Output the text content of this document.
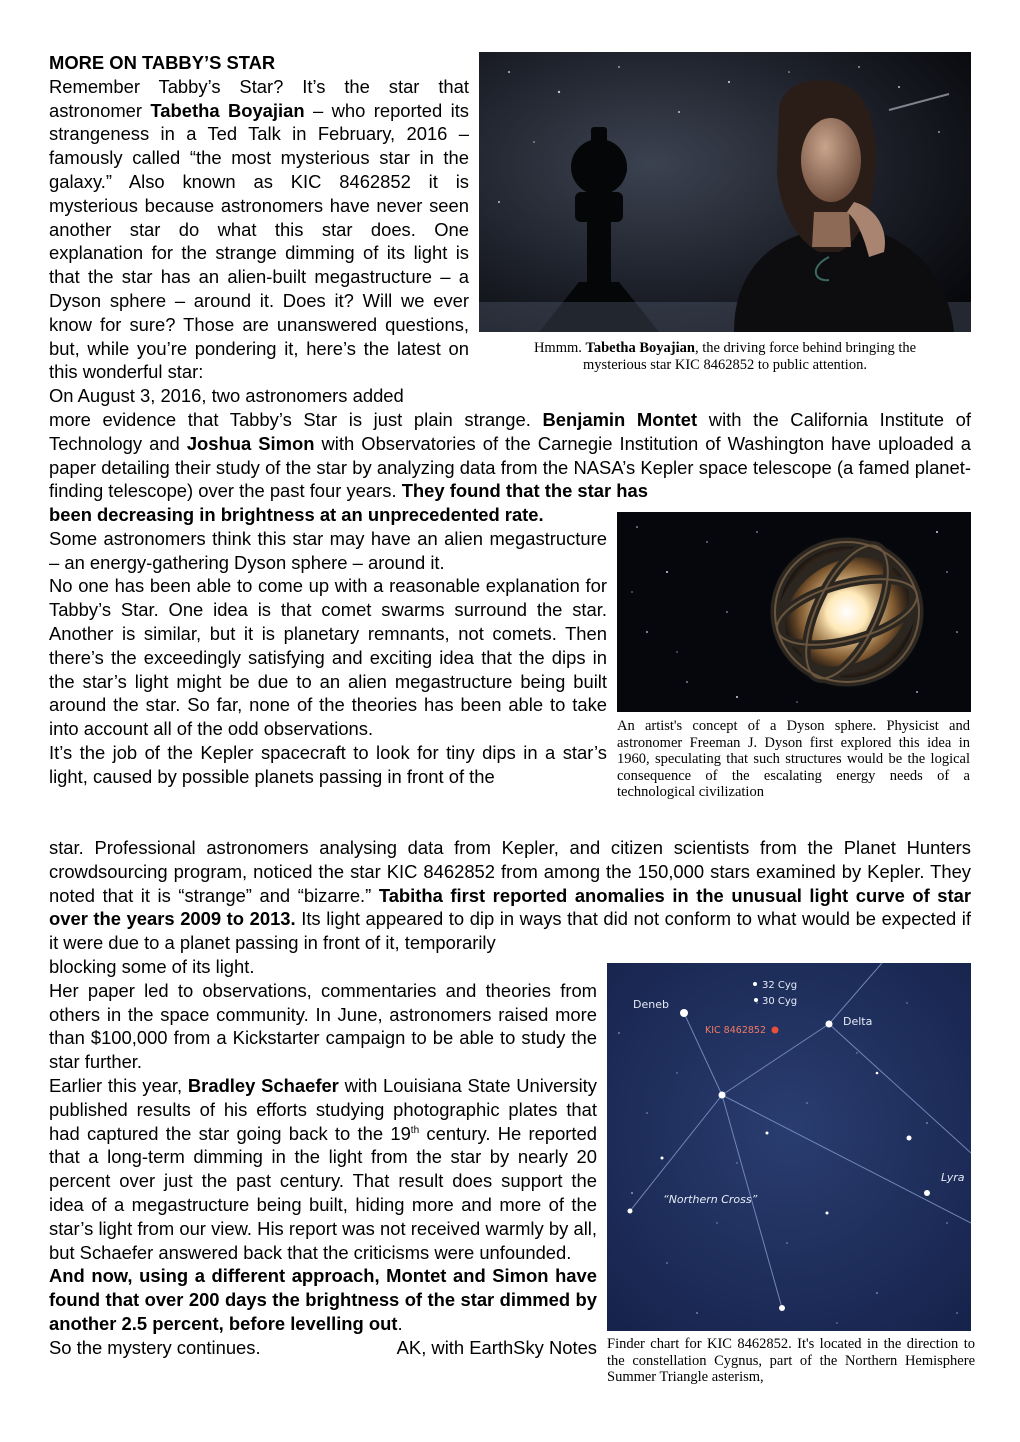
MORE ON TABBY’S STAR

Remember Tabby’s Star? It’s the star that astronomer Tabetha Boyajian – who reported its strangeness in a Ted Talk in February, 2016 – famously called “the most mysterious star in the galaxy.” Also known as KIC 8462852 it is mysterious because astronomers have never seen another star do what this star does. One explanation for the strange dimming of its light is that the star has an alien-built megastructure – a Dyson sphere – around it. Does it? Will we ever know for sure? Those are unanswered questions, but, while you’re pondering it, here’s the latest on this wonderful star:

On August 3, 2016, two astronomers added

more evidence that Tabby’s Star is just plain strange. Benjamin Montet with the California Institute of Technology and Joshua Simon with Observatories of the Carnegie Institution of Washington have uploaded a paper detailing their study of the star by analyzing data from the NASA’s Kepler space telescope (a famed planet-finding telescope) over the past four years. They found that the star has

been decreasing in brightness at an unprecedented rate.

Some astronomers think this star may have an alien megastructure – an energy-gathering Dyson sphere – around it.

No one has been able to come up with a reasonable explanation for Tabby’s Star. One idea is that comet swarms surround the star. Another is similar, but it is planetary remnants, not comets. Then there’s the exceedingly satisfying and exciting idea that the dips in the star’s light might be due to an alien megastructure being built around the star. So far, none of the theories has been able to take into account all of the odd observations.

It’s the job of the Kepler spacecraft to look for tiny dips in a star’s light, caused by possible planets passing in front of the

star. Professional astronomers analysing data from Kepler, and citizen scientists from the Planet Hunters crowdsourcing program, noticed the star KIC 8462852 from among the 150,000 stars examined by Kepler. They noted that it is “strange” and “bizarre.” Tabitha first reported anomalies in the unusual light curve of star over the years 2009 to 2013. Its light appeared to dip in ways that did not conform to what would be expected if it were due to a planet passing in front of it, temporarily

blocking some of its light.

Her paper led to observations, commentaries and theories from others in the space community. In June, astronomers raised more than $100,000 from a Kickstarter campaign to be able to study the star further.

Earlier this year, Bradley Schaefer with Louisiana State University published results of his efforts studying photographic plates that had captured the star going back to the 19th century. He reported that a long-term dimming in the light from the star by nearly 20 percent over just the past century. That result does support the idea of a megastructure being built, hiding more and more of the star’s light from our view. His report was not received warmly by all, but Schaefer answered back that the criticisms were unfounded.

And now, using a different approach, Montet and Simon have found that over 200 days the brightness of the star dimmed by another 2.5 percent, before levelling out.

So the mystery continues.	AK, with EarthSky Notes

Hmmm. Tabetha Boyajian, the driving force behind bringing the
mysterious star KIC 8462852 to public attention.
An artist's concept of a Dyson sphere. Physicist and astronomer Freeman J. Dyson first explored this idea in 1960, speculating that such structures would be the logical consequence of the escalating energy needs of a technological civilization
Deneb
32 Cyg
30 Cyg
KIC 8462852
Delta
Lyra
“Northern Cross”
Finder chart for KIC 8462852. It's located in the direction to the constellation Cygnus, part of the Northern Hemisphere Summer Triangle asterism,
